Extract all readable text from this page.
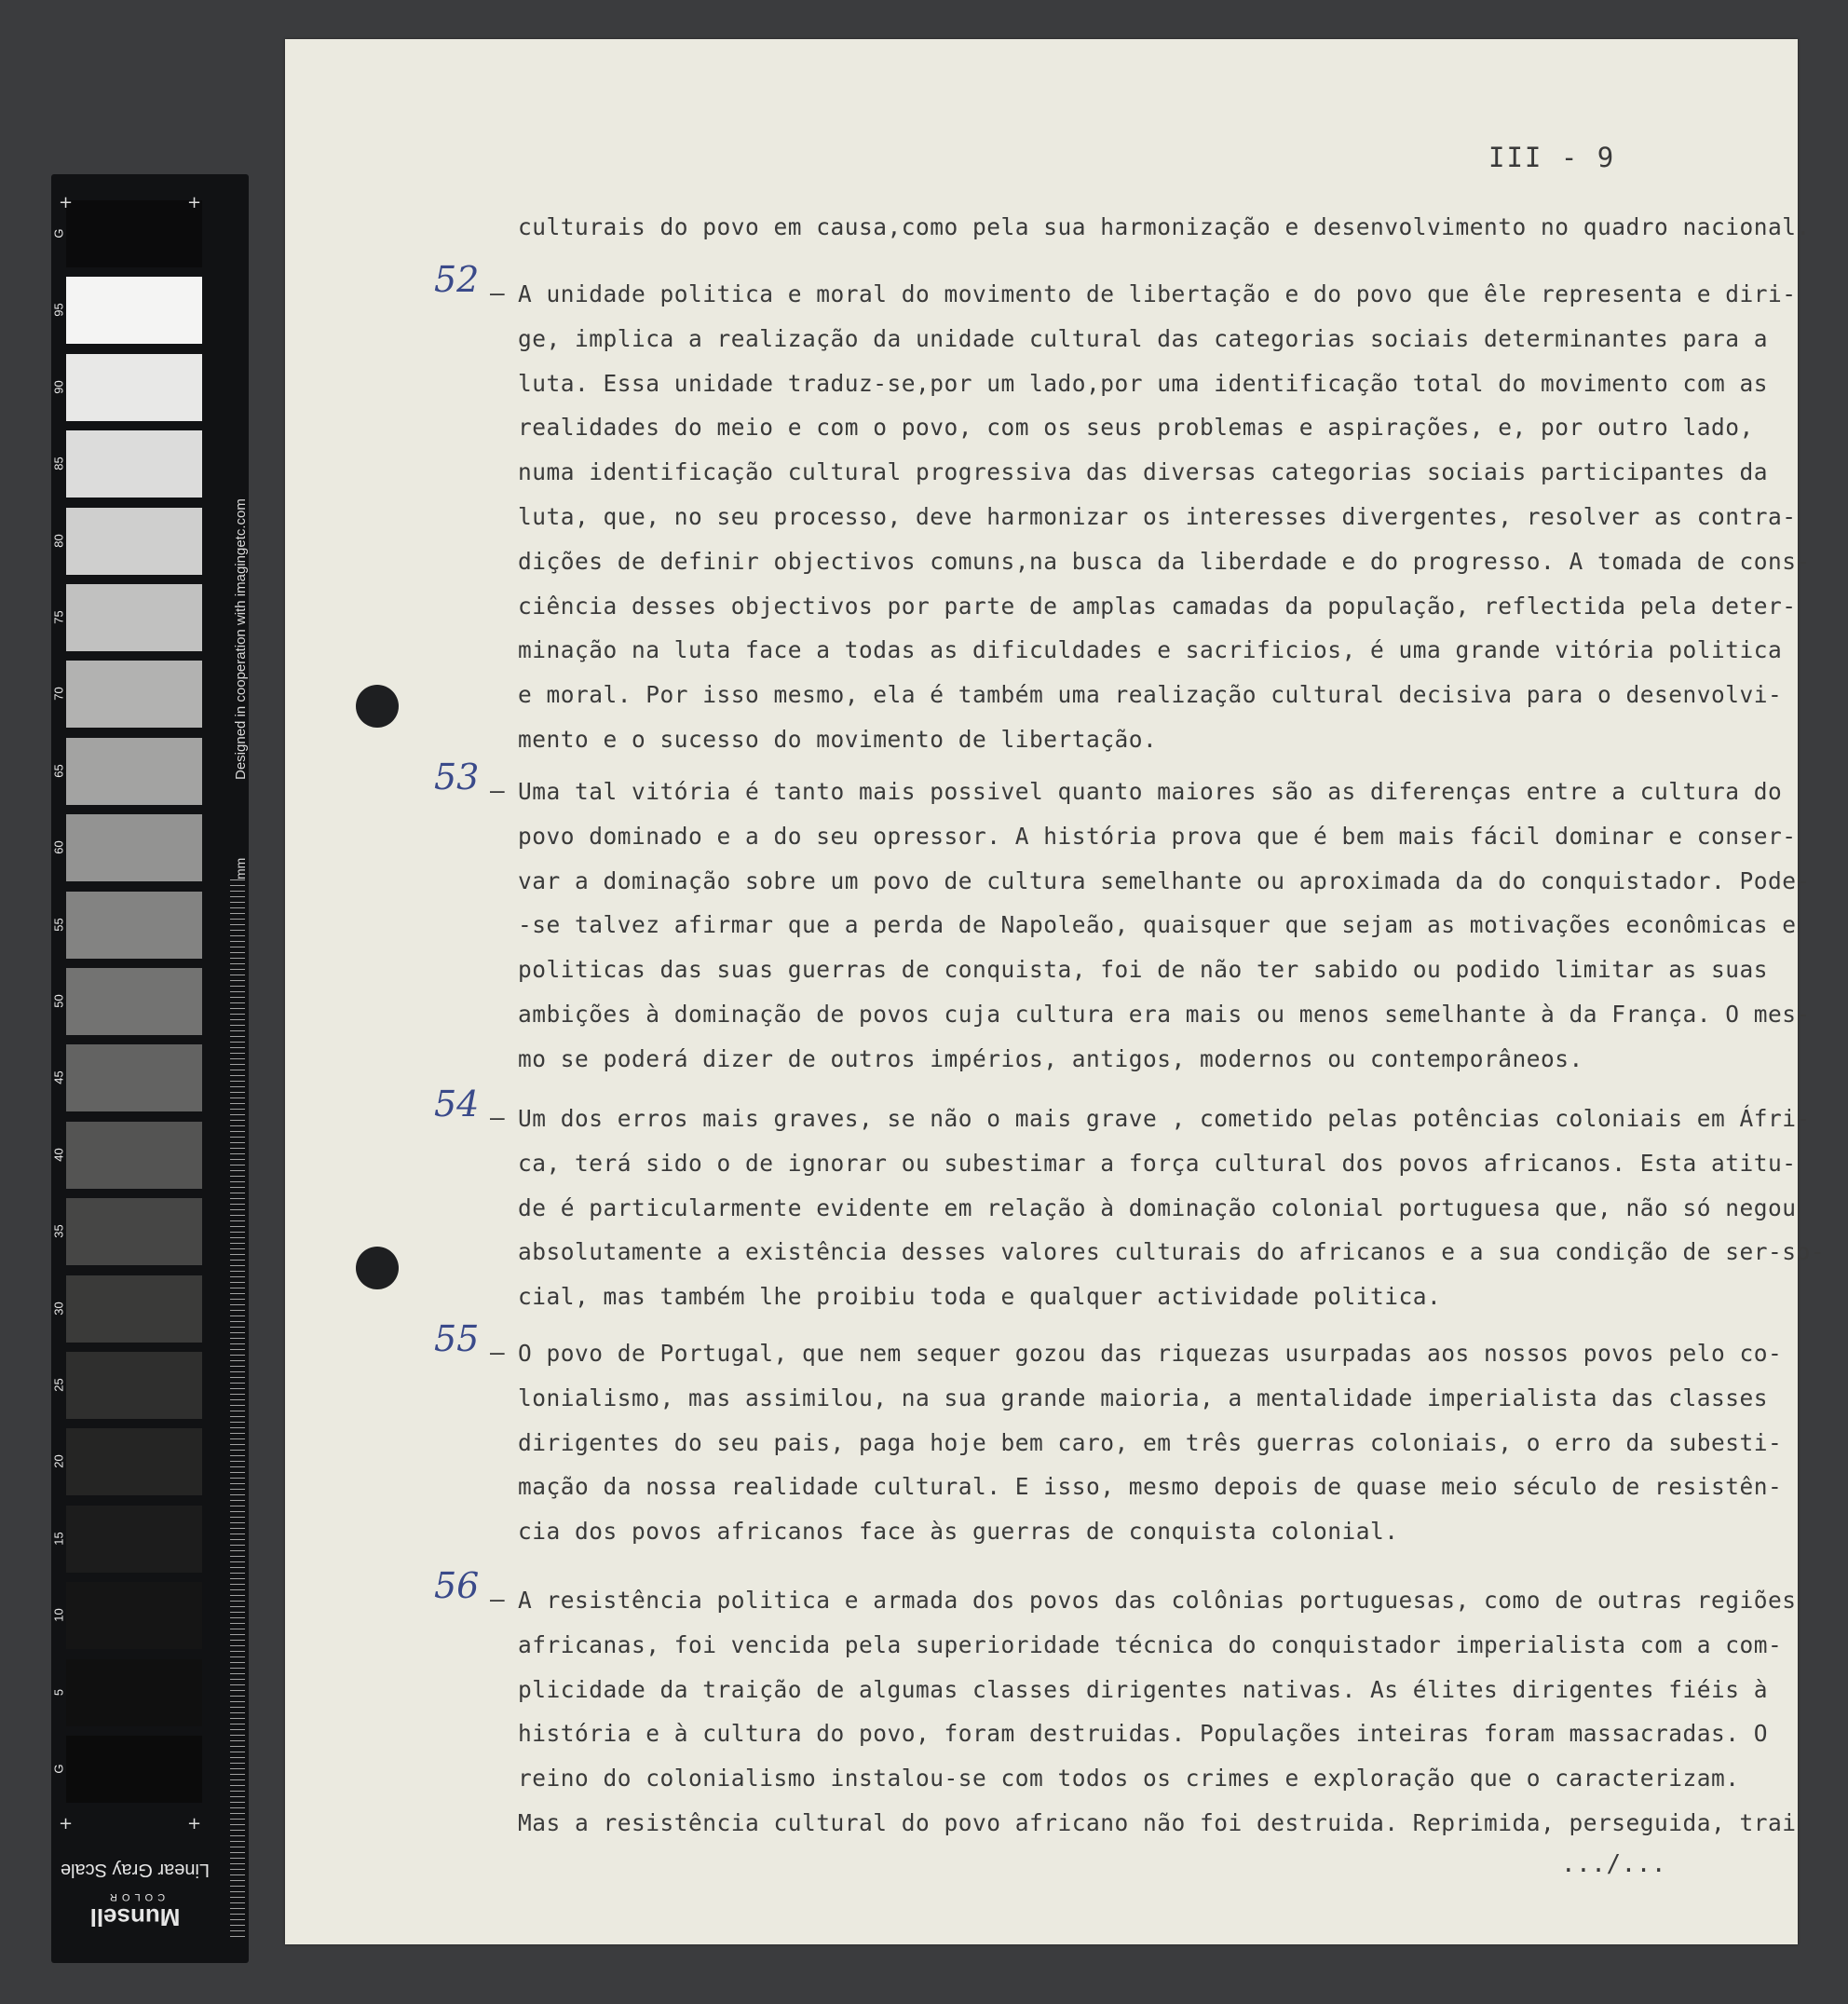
Designed in cooperation with imagingetc.com
mm
G
95
90
85
80
75
70
65
60
55
50
45
40
35
30
25
20
15
10
5
G
+	+
+	+
Linear Gray Scale
Munsell
COLOR
III - 9
culturais do povo em causa,como pela sua harmonização e desenvolvimento no quadro nacional.
A unidade politica e moral do movimento de libertação e do povo que êle representa e diri-
ge, implica a realização da unidade cultural das categorias sociais determinantes para a
luta. Essa unidade traduz-se,por um lado,por uma identificação total do movimento com as
realidades do meio e com o povo, com os seus problemas e aspirações, e, por outro lado,
numa identificação cultural progressiva das diversas categorias sociais participantes da
luta, que, no seu processo, deve harmonizar os interesses divergentes, resolver as contra-
dições de definir objectivos comuns,na busca da liberdade e do progresso. A tomada de cons-
ciência desses objectivos por parte de amplas camadas da população, reflectida pela deter-
minação na luta face a todas as dificuldades e sacrificios, é uma grande vitória politica
e moral. Por isso mesmo, ela é também uma realização cultural decisiva para o desenvolvi-
mento e o sucesso do movimento de libertação.
–
52
Uma tal vitória é tanto mais possivel quanto maiores são as diferenças entre a cultura do
povo dominado e a do seu opressor. A história prova que é bem mais fácil dominar e conser-
var a dominação sobre um povo de cultura semelhante ou aproximada da do conquistador. Pode-
-se talvez afirmar que a perda de Napoleão, quaisquer que sejam as motivações econômicas e
politicas das suas guerras de conquista, foi de não ter sabido ou podido limitar as suas
ambições à dominação de povos cuja cultura era mais ou menos semelhante à da França. O mes-
mo se poderá dizer de outros impérios, antigos, modernos ou contemporâneos.
–
53
Um dos erros mais graves, se não o mais grave , cometido pelas potências coloniais em Áfri-
ca, terá sido o de ignorar ou subestimar a força cultural dos povos africanos. Esta atitu-
de é particularmente evidente em relação à dominação colonial portuguesa que, não só negou
absolutamente a existência desses valores culturais do africanos e a sua condição de ser-so-
cial, mas também lhe proibiu toda e qualquer actividade politica.
–
54
O povo de Portugal, que nem sequer gozou das riquezas usurpadas aos nossos povos pelo co-
lonialismo, mas assimilou, na sua grande maioria, a mentalidade imperialista das classes
dirigentes do seu pais, paga hoje bem caro, em três guerras coloniais, o erro da subesti-
mação da nossa realidade cultural. E isso, mesmo depois de quase meio século de resistên-
cia dos povos africanos face às guerras de conquista colonial.
–
55
A resistência politica e armada dos povos das colônias portuguesas, como de outras regiões
africanas, foi vencida pela superioridade técnica do conquistador imperialista com a com-
plicidade da traição de algumas classes dirigentes nativas. As élites dirigentes fiéis à
história e à cultura do povo, foram destruidas. Populações inteiras foram massacradas. O
reino do colonialismo instalou-se com todos os crimes e exploração que o caracterizam.
Mas a resistência cultural do povo africano não foi destruida. Reprimida, perseguida, trai
–
56
.../...
